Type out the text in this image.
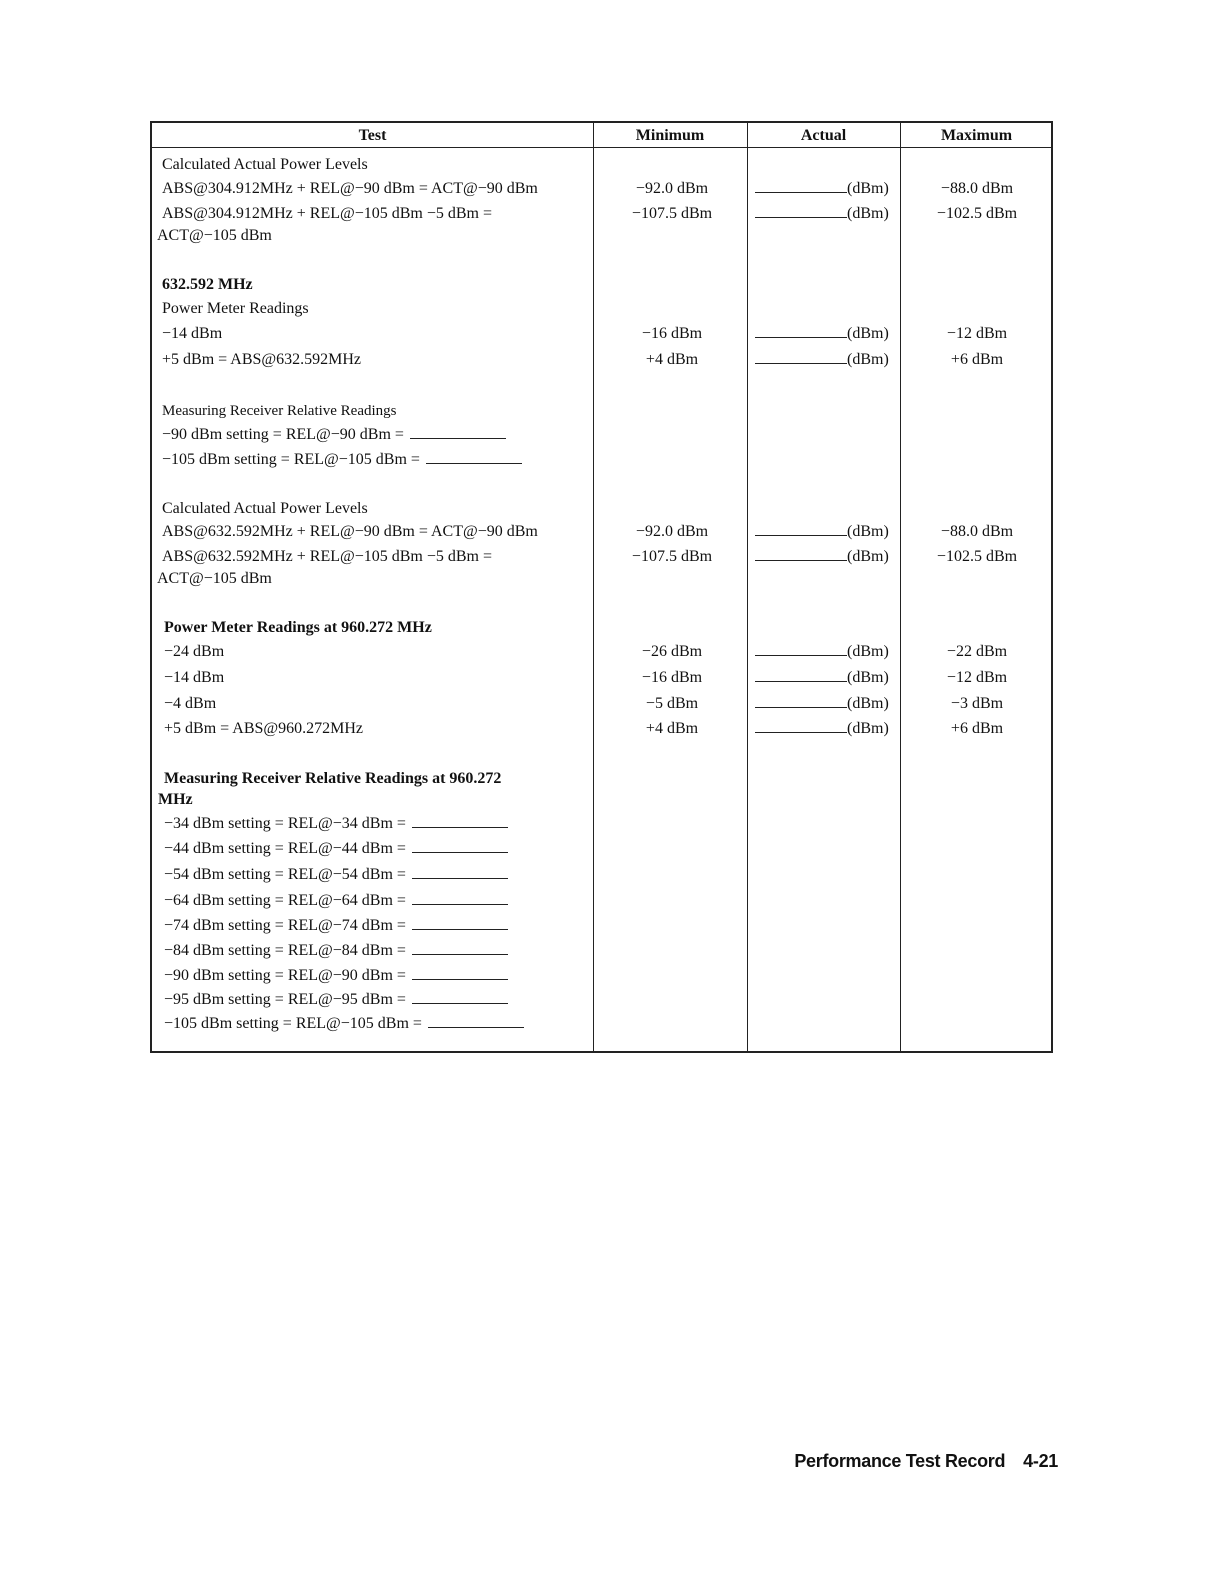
Test	Minimum	Actual	Maximum
Calculated Actual Power Levels
ABS@304.912MHz + REL@−90 dBm = ACT@−90 dBm	−92.0 dBm	(dBm)	−88.0 dBm
ABS@304.912MHz + REL@−105 dBm −5 dBm =	−107.5 dBm	(dBm)	−102.5 dBm
ACT@−105 dBm
632.592 MHz
Power Meter Readings
−14 dBm	−16 dBm	(dBm)	−12 dBm
+5 dBm = ABS@632.592MHz	+4 dBm	(dBm)	+6 dBm
Measuring Receiver Relative Readings
−90 dBm setting = REL@−90 dBm =
−105 dBm setting = REL@−105 dBm =
Calculated Actual Power Levels
ABS@632.592MHz + REL@−90 dBm = ACT@−90 dBm	−92.0 dBm	(dBm)	−88.0 dBm
ABS@632.592MHz + REL@−105 dBm −5 dBm =	−107.5 dBm	(dBm)	−102.5 dBm
ACT@−105 dBm
Power Meter Readings at 960.272 MHz
−24 dBm	−26 dBm	(dBm)	−22 dBm
−14 dBm	−16 dBm	(dBm)	−12 dBm
−4 dBm	−5 dBm	(dBm)	−3 dBm
+5 dBm = ABS@960.272MHz	+4 dBm	(dBm)	+6 dBm
Measuring Receiver Relative Readings at 960.272
MHz
−34 dBm setting = REL@−34 dBm =
−44 dBm setting = REL@−44 dBm =
−54 dBm setting = REL@−54 dBm =
−64 dBm setting = REL@−64 dBm =
−74 dBm setting = REL@−74 dBm =
−84 dBm setting = REL@−84 dBm =
−90 dBm setting = REL@−90 dBm =
−95 dBm setting = REL@−95 dBm =
−105 dBm setting = REL@−105 dBm =
Performance Test Record 4-21
